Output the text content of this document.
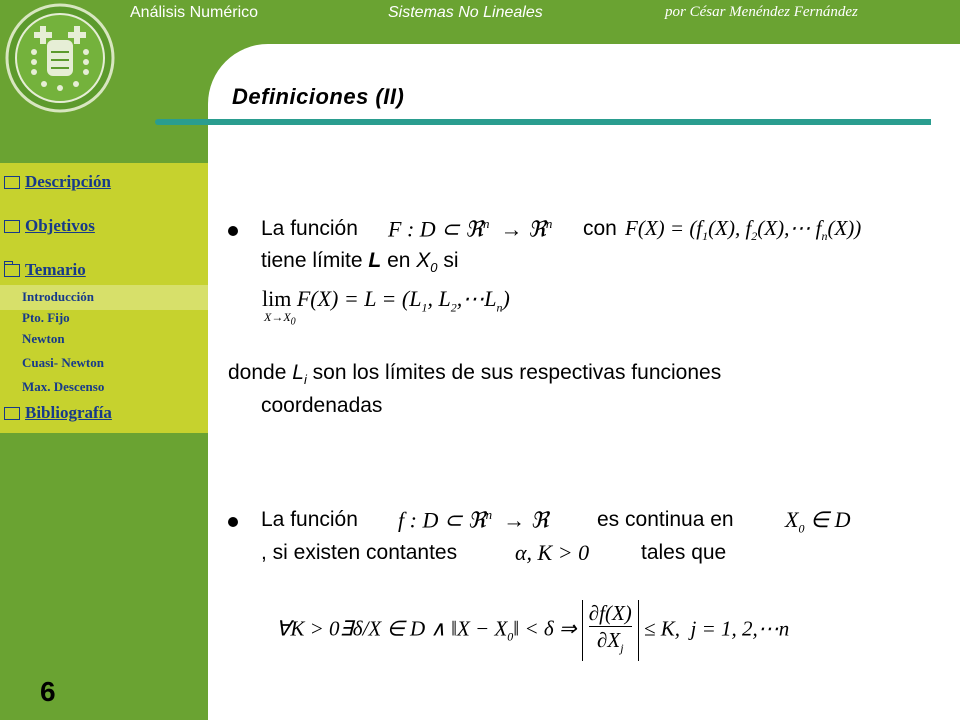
Análisis Numérico	Sistemas No Lineales	por César Menéndez Fernández
Descripción
Objetivos
Temario
Introducción
Pto. Fijo
Newton
Cuasi- Newton
Max. Descenso
Bibliografía
6
Definiciones (II)
La función F : D ⊂ ℜ$^n$  → ℜ$^n$ con $F(X) = (f_1(X)$, $f_2(X),\cdots$ $f_n(X)$)
tiene límite L en $X_0$ si
$\lim F(X) = L = (L_1$, $L_2,\cdots L_n$)
$X\to X_0$
donde $L_i$ son los límites de sus respectivas funciones
coordenadas
La función f : D ⊂ ℜ$^n$  → ℜ es continua en $X_0$ ∈ D
, si existen contantes	α, K > 0 tales que
∀K > 0∃δ/X ∈ D ∧ ‖X − $X_0‖ < \delta$ ⇒ $\frac{\partial f(X)}{\partial X_j} \le K$,  j = 1, 2,⋯n
